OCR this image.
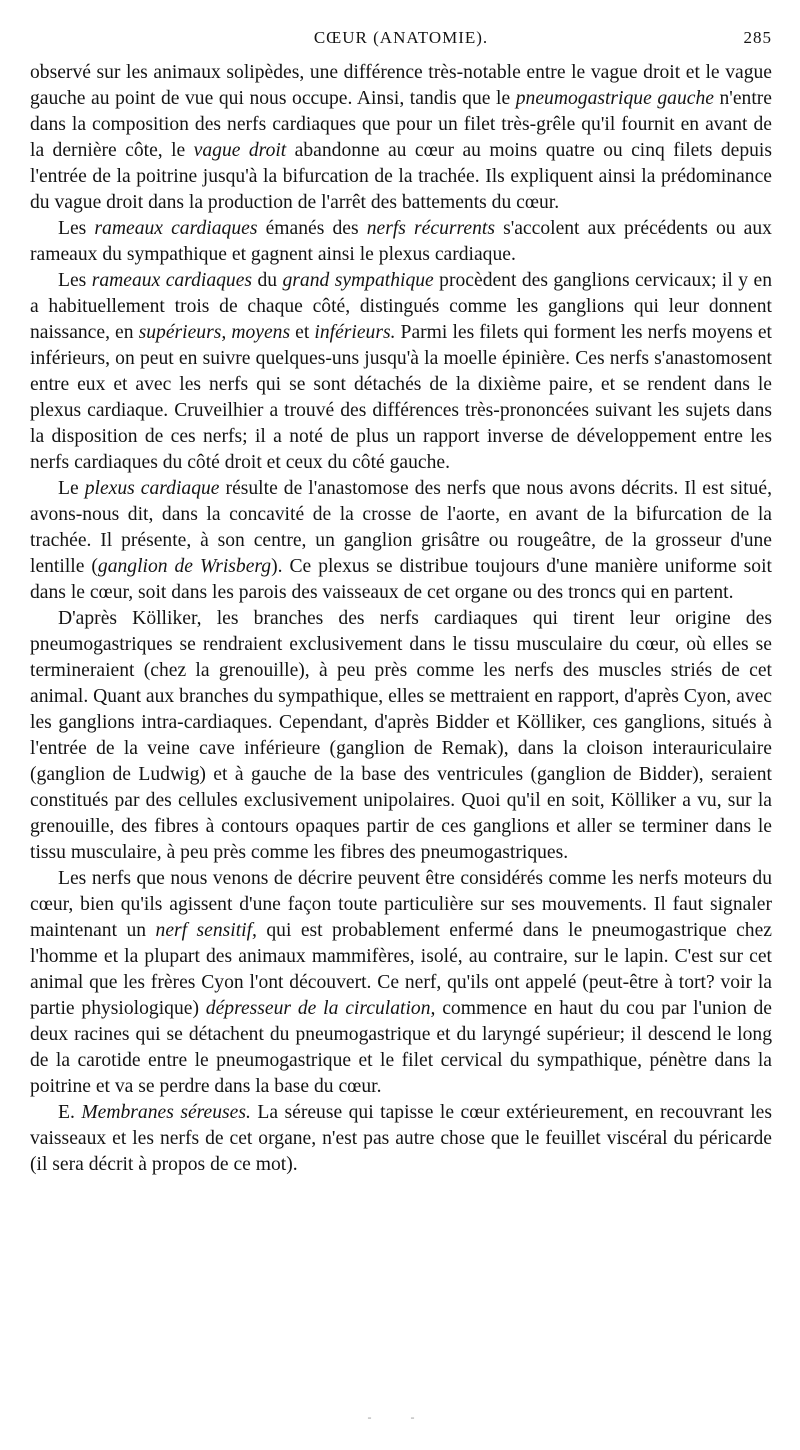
CŒUR (ANATOMIE).	285

observé sur les animaux solipèdes, une différence très-notable entre le vague droit et le vague gauche au point de vue qui nous occupe. Ainsi, tandis que le pneumogastrique gauche n'entre dans la composition des nerfs cardiaques que pour un filet très-grêle qu'il fournit en avant de la dernière côte, le vague droit abandonne au cœur au moins quatre ou cinq filets depuis l'entrée de la poitrine jusqu'à la bifurcation de la trachée. Ils expliquent ainsi la prédominance du vague droit dans la production de l'arrêt des battements du cœur.

Les rameaux cardiaques émanés des nerfs récurrents s'accolent aux précédents ou aux rameaux du sympathique et gagnent ainsi le plexus cardiaque.

Les rameaux cardiaques du grand sympathique procèdent des ganglions cervicaux; il y en a habituellement trois de chaque côté, distingués comme les ganglions qui leur donnent naissance, en supérieurs, moyens et inférieurs. Parmi les filets qui forment les nerfs moyens et inférieurs, on peut en suivre quelques-uns jusqu'à la moelle épinière. Ces nerfs s'anastomosent entre eux et avec les nerfs qui se sont détachés de la dixième paire, et se rendent dans le plexus cardiaque. Cruveilhier a trouvé des différences très-prononcées suivant les sujets dans la disposition de ces nerfs; il a noté de plus un rapport inverse de développement entre les nerfs cardiaques du côté droit et ceux du côté gauche.

Le plexus cardiaque résulte de l'anastomose des nerfs que nous avons décrits. Il est situé, avons-nous dit, dans la concavité de la crosse de l'aorte, en avant de la bifurcation de la trachée. Il présente, à son centre, un ganglion grisâtre ou rougeâtre, de la grosseur d'une lentille (ganglion de Wrisberg). Ce plexus se distribue toujours d'une manière uniforme soit dans le cœur, soit dans les parois des vaisseaux de cet organe ou des troncs qui en partent.

D'après Kölliker, les branches des nerfs cardiaques qui tirent leur origine des pneumogastriques se rendraient exclusivement dans le tissu musculaire du cœur, où elles se termineraient (chez la grenouille), à peu près comme les nerfs des muscles striés de cet animal. Quant aux branches du sympathique, elles se mettraient en rapport, d'après Cyon, avec les ganglions intra-cardiaques. Cependant, d'après Bidder et Kölliker, ces ganglions, situés à l'entrée de la veine cave inférieure (ganglion de Remak), dans la cloison interauriculaire (ganglion de Ludwig) et à gauche de la base des ventricules (ganglion de Bidder), seraient constitués par des cellules exclusivement unipolaires. Quoi qu'il en soit, Kölliker a vu, sur la grenouille, des fibres à contours opaques partir de ces ganglions et aller se terminer dans le tissu musculaire, à peu près comme les fibres des pneumogastriques.

Les nerfs que nous venons de décrire peuvent être considérés comme les nerfs moteurs du cœur, bien qu'ils agissent d'une façon toute particulière sur ses mouvements. Il faut signaler maintenant un nerf sensitif, qui est probablement enfermé dans le pneumogastrique chez l'homme et la plupart des animaux mammifères, isolé, au contraire, sur le lapin. C'est sur cet animal que les frères Cyon l'ont découvert. Ce nerf, qu'ils ont appelé (peut-être à tort? voir la partie physiologique) dépresseur de la circulation, commence en haut du cou par l'union de deux racines qui se détachent du pneumogastrique et du laryngé supérieur; il descend le long de la carotide entre le pneumogastrique et le filet cervical du sympathique, pénètre dans la poitrine et va se perdre dans la base du cœur.

E. Membranes séreuses. La séreuse qui tapisse le cœur extérieurement, en recouvrant les vaisseaux et les nerfs de cet organe, n'est pas autre chose que le feuillet viscéral du péricarde (il sera décrit à propos de ce mot).

- -
